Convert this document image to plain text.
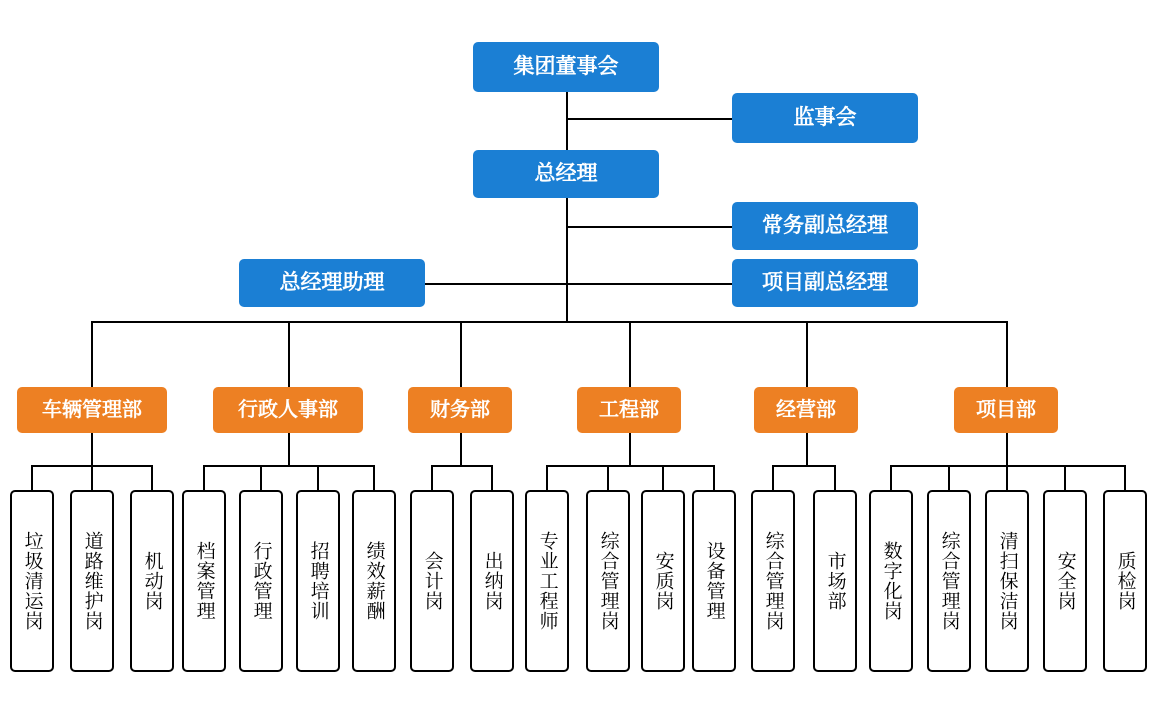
集团董事会
监事会
总经理
常务副总经理
总经理助理	项目副总经理
车辆管理部	行政人事部	财务部	工程部	经营部	项目部
垃圾清运岗 道路维护岗 机动岗 档案管理 行政管理 招聘培训 绩效薪酬 会计岗 出纳岗 专业工程师 综合管理岗 安质岗 设备管理 综合管理岗 市场部 数字化岗 综合管理岗 清扫保洁岗 安全岗 质检岗
